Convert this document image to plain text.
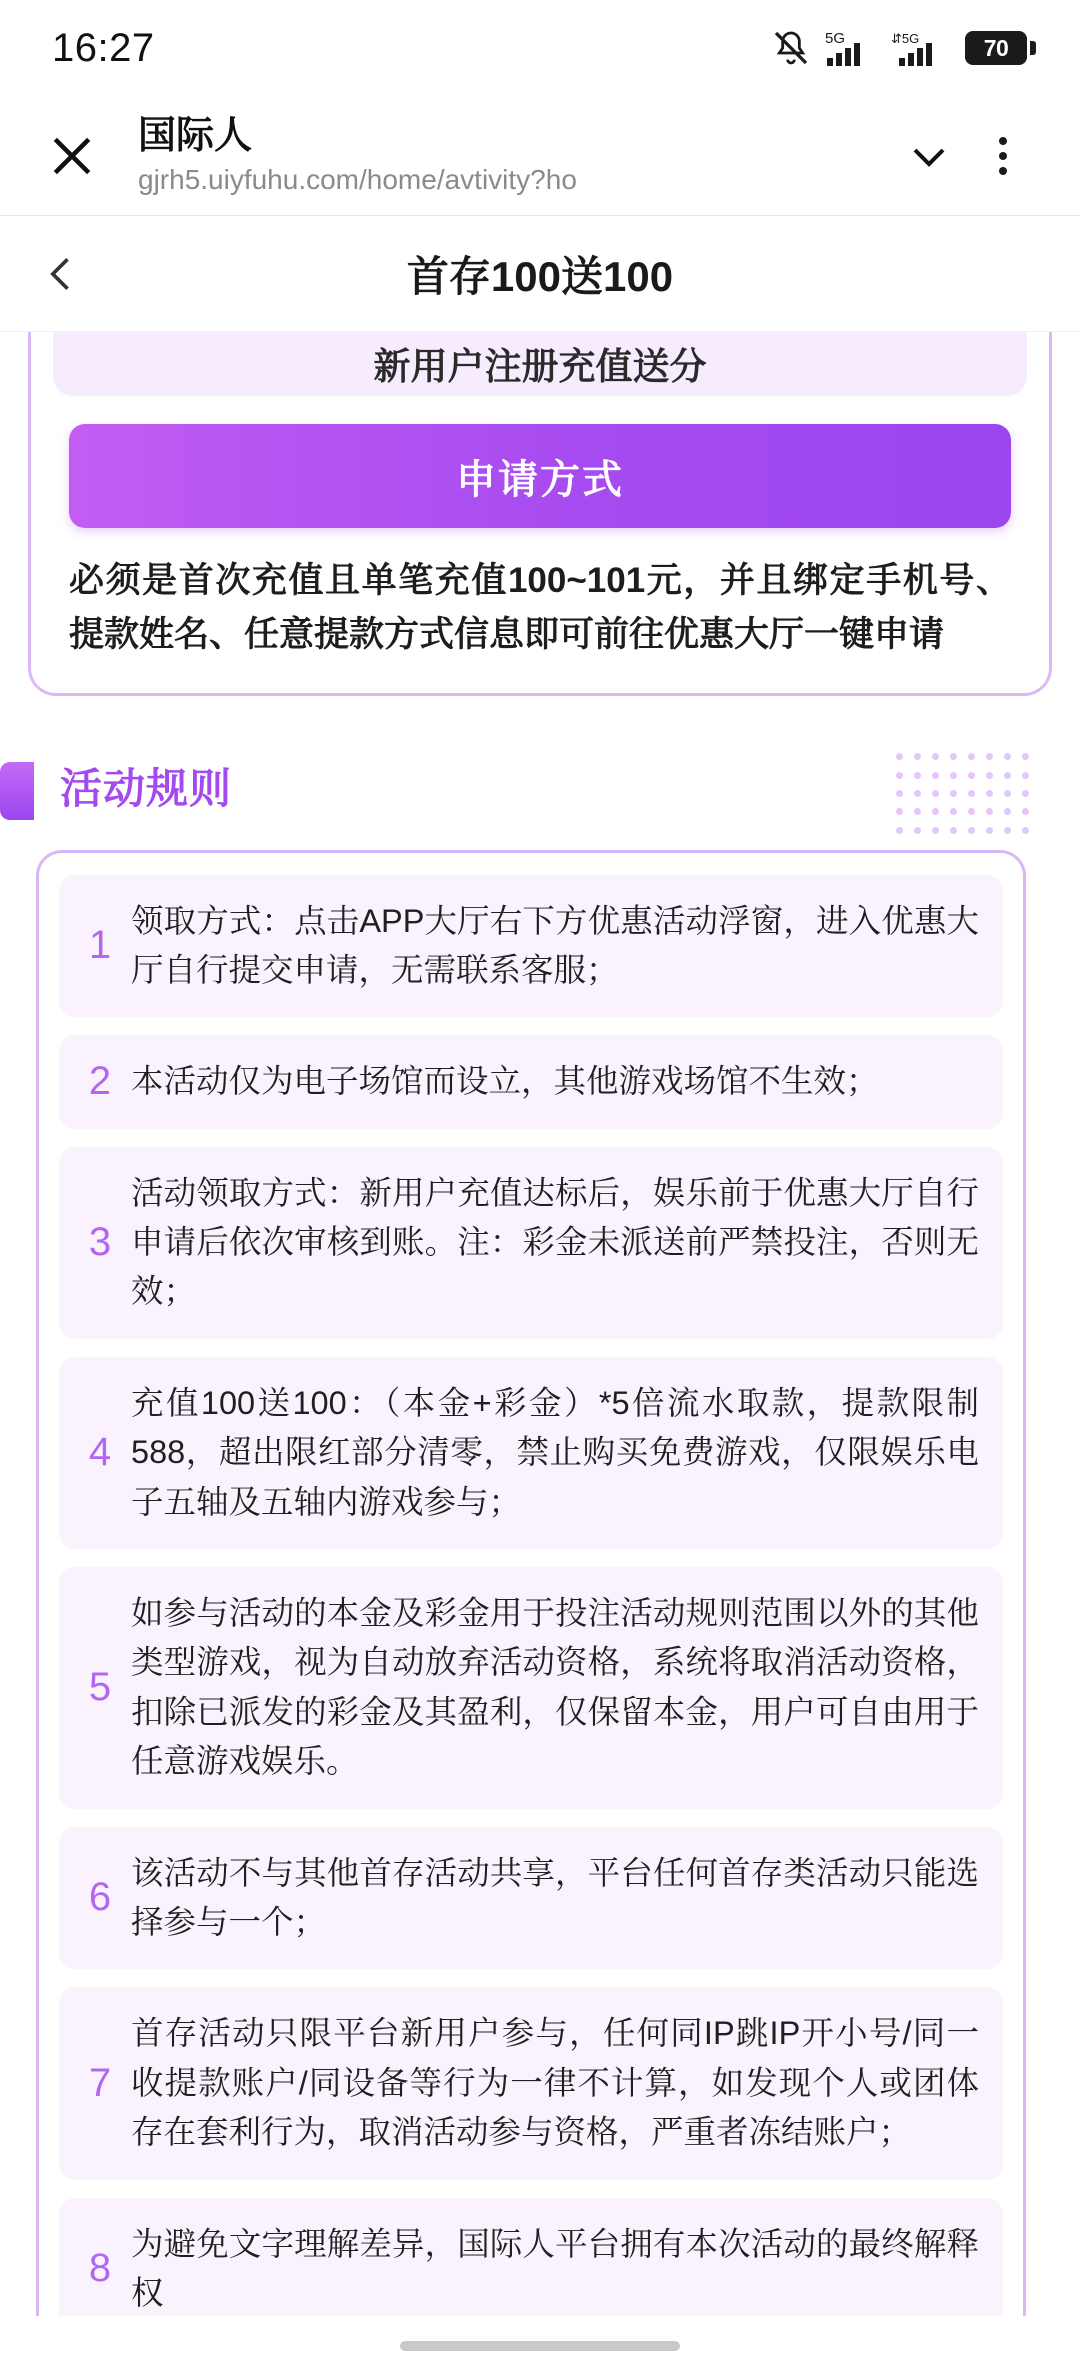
16:27	5G	⇵5G	70
国际人
gjrh5.uiyfuhu.com/home/avtivity?ho
首存100送100
新用户注册充值送分
申请方式
必须是首次充值且单笔充值100~101元，并且绑定手机号、提款姓名、任意提款方式信息即可前往优惠大厅一键申请
活动规则
1
领取方式：点击APP大厅右下方优惠活动浮窗，进入优惠大厅自行提交申请，无需联系客服；
2 本活动仅为电子场馆而设立，其他游戏场馆不生效；
3
活动领取方式：新用户充值达标后，娱乐前于优惠大厅自行申请后依次审核到账。注：彩金未派送前严禁投注，否则无效；
4
充值100送100：（本金+彩金）*5倍流水取款，提款限制588，超出限红部分清零，禁止购买免费游戏，仅限娱乐电子五轴及五轴内游戏参与；
5
如参与活动的本金及彩金用于投注活动规则范围以外的其他类型游戏，视为自动放弃活动资格，系统将取消活动资格，扣除已派发的彩金及其盈利，仅保留本金，用户可自由用于任意游戏娱乐。
6
该活动不与其他首存活动共享，平台任何首存类活动只能选择参与一个；
7
首存活动只限平台新用户参与，任何同IP跳IP开小号/同一收提款账户/同设备等行为一律不计算，如发现个人或团体存在套利行为，取消活动参与资格，严重者冻结账户；
8
为避免文字理解差异，国际人平台拥有本次活动的最终解释权
